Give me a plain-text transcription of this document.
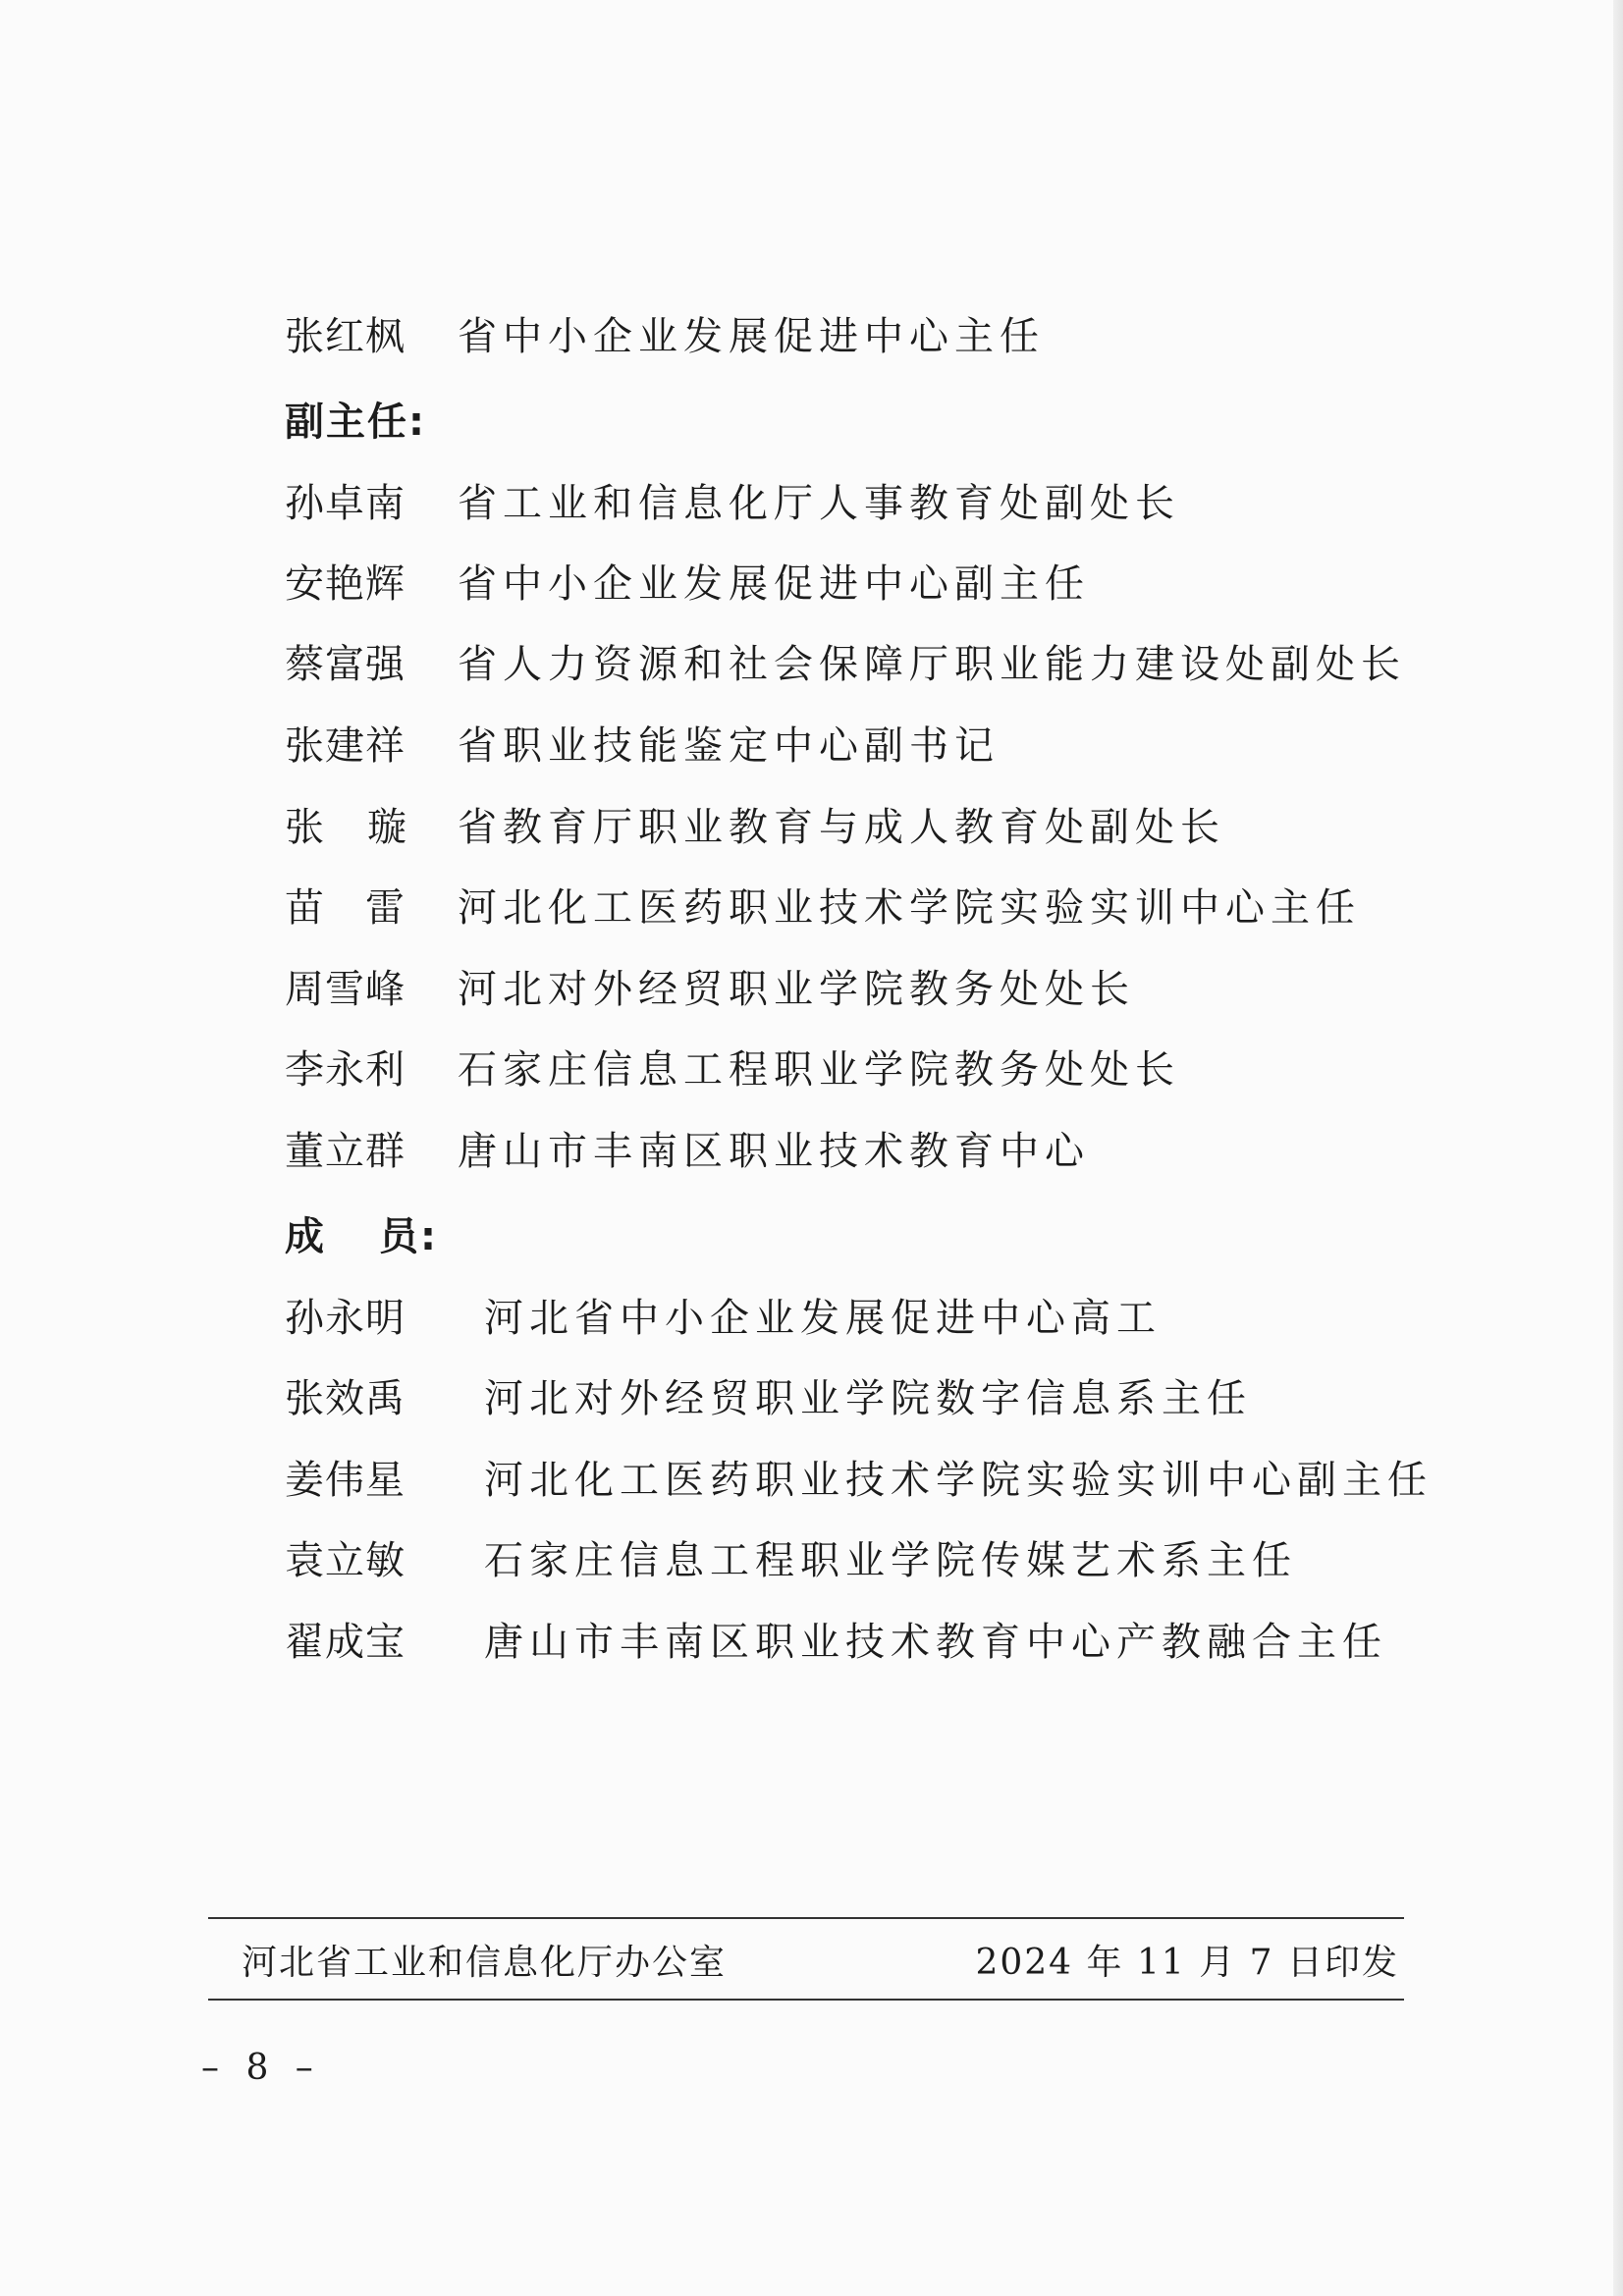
张红枫 省中小企业发展促进中心主任
副主任:
孙卓南 省工业和信息化厅人事教育处副处长
安艳辉 省中小企业发展促进中心副主任
蔡富强 省人力资源和社会保障厅职业能力建设处副处长
张建祥 省职业技能鉴定中心副书记
张 璇 省教育厅职业教育与成人教育处副处长
苗　雷 河北化工医药职业技术学院实验实训中心主任
周雪峰 河北对外经贸职业学院教务处处长
李永利 石家庄信息工程职业学院教务处处长
董立群 唐山市丰南区职业技术教育中心
成 员:
孙永明 河北省中小企业发展促进中心高工
张效禹 河北对外经贸职业学院数字信息系主任
姜伟星 河北化工医药职业技术学院实验实训中心副主任
袁立敏 石家庄信息工程职业学院传媒艺术系主任
翟成宝 唐山市丰南区职业技术教育中心产教融合主任
河北省工业和信息化厅办公室	2024 年 11 月 7 日印发
– 8 –
